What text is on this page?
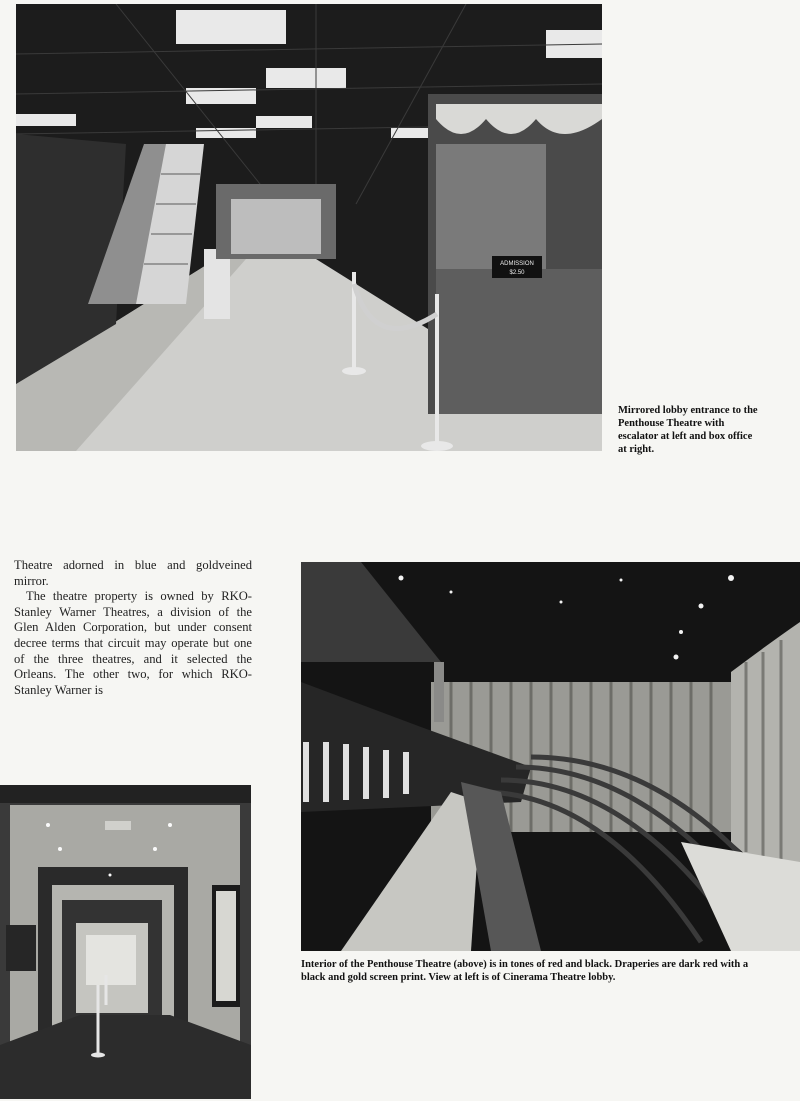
ADMISSION
$2.50
Mirrored lobby entrance to the Penthouse Theatre with escalator at left and box office at right.

Theatre adorned in blue and goldveined mirror.

The theatre property is owned by RKO-Stanley Warner Theatres, a division of the Glen Alden Corporation, but under consent decree terms that circuit may operate but one of the three theatres, and it selected the Orleans. The other two, for which RKO-Stanley Warner is

Interior of the Penthouse Theatre (above) is in tones of red and black. Draperies are dark red with a black and gold screen print. View at left is of Cinerama Theatre lobby.
